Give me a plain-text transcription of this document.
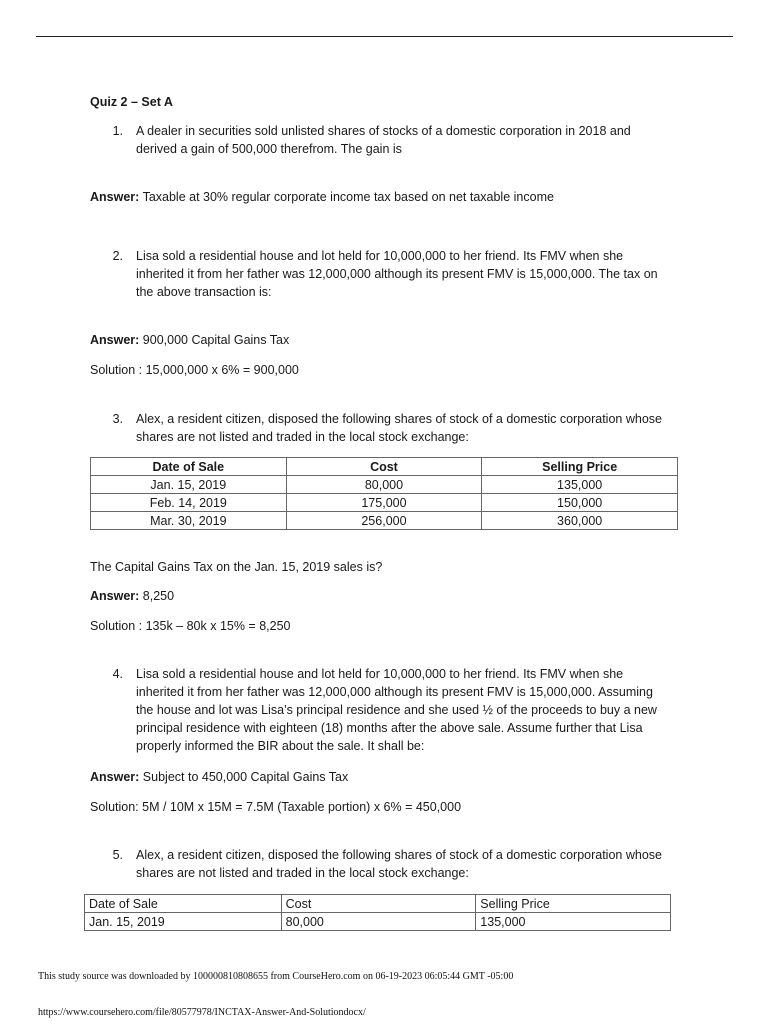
Quiz 2 – Set A
1. A dealer in securities sold unlisted shares of stocks of a domestic corporation in 2018 and
derived a gain of 500,000 therefrom. The gain is
Answer: Taxable at 30% regular corporate income tax based on net taxable income
2. Lisa sold a residential house and lot held for 10,000,000 to her friend. Its FMV when she
inherited it from her father was 12,000,000 although its present FMV is 15,000,000. The tax on
the above transaction is:
Answer: 900,000 Capital Gains Tax
Solution : 15,000,000 x 6% = 900,000
3. Alex, a resident citizen, disposed the following shares of stock of a domestic corporation whose
shares are not listed and traded in the local stock exchange:
Date of Sale	Cost	Selling Price
Jan. 15, 2019	80,000	135,000
Feb. 14, 2019	175,000	150,000
Mar. 30, 2019	256,000	360,000
The Capital Gains Tax on the Jan. 15, 2019 sales is?
Answer: 8,250
Solution : 135k – 80k x 15% = 8,250
4. Lisa sold a residential house and lot held for 10,000,000 to her friend. Its FMV when she
inherited it from her father was 12,000,000 although its present FMV is 15,000,000. Assuming
the house and lot was Lisa’s principal residence and she used ½ of the proceeds to buy a new
principal residence with eighteen (18) months after the above sale. Assume further that Lisa
properly informed the BIR about the sale. It shall be:
Answer: Subject to 450,000 Capital Gains Tax
Solution: 5M / 10M x 15M = 7.5M (Taxable portion) x 6% = 450,000
5. Alex, a resident citizen, disposed the following shares of stock of a domestic corporation whose
shares are not listed and traded in the local stock exchange:
Date of Sale	Cost	Selling Price
Jan. 15, 2019	80,000	135,000
This study source was downloaded by 100000810808655 from CourseHero.com on 06-19-2023 06:05:44 GMT -05:00
https://www.coursehero.com/file/80577978/INCTAX-Answer-And-Solutiondocx/
